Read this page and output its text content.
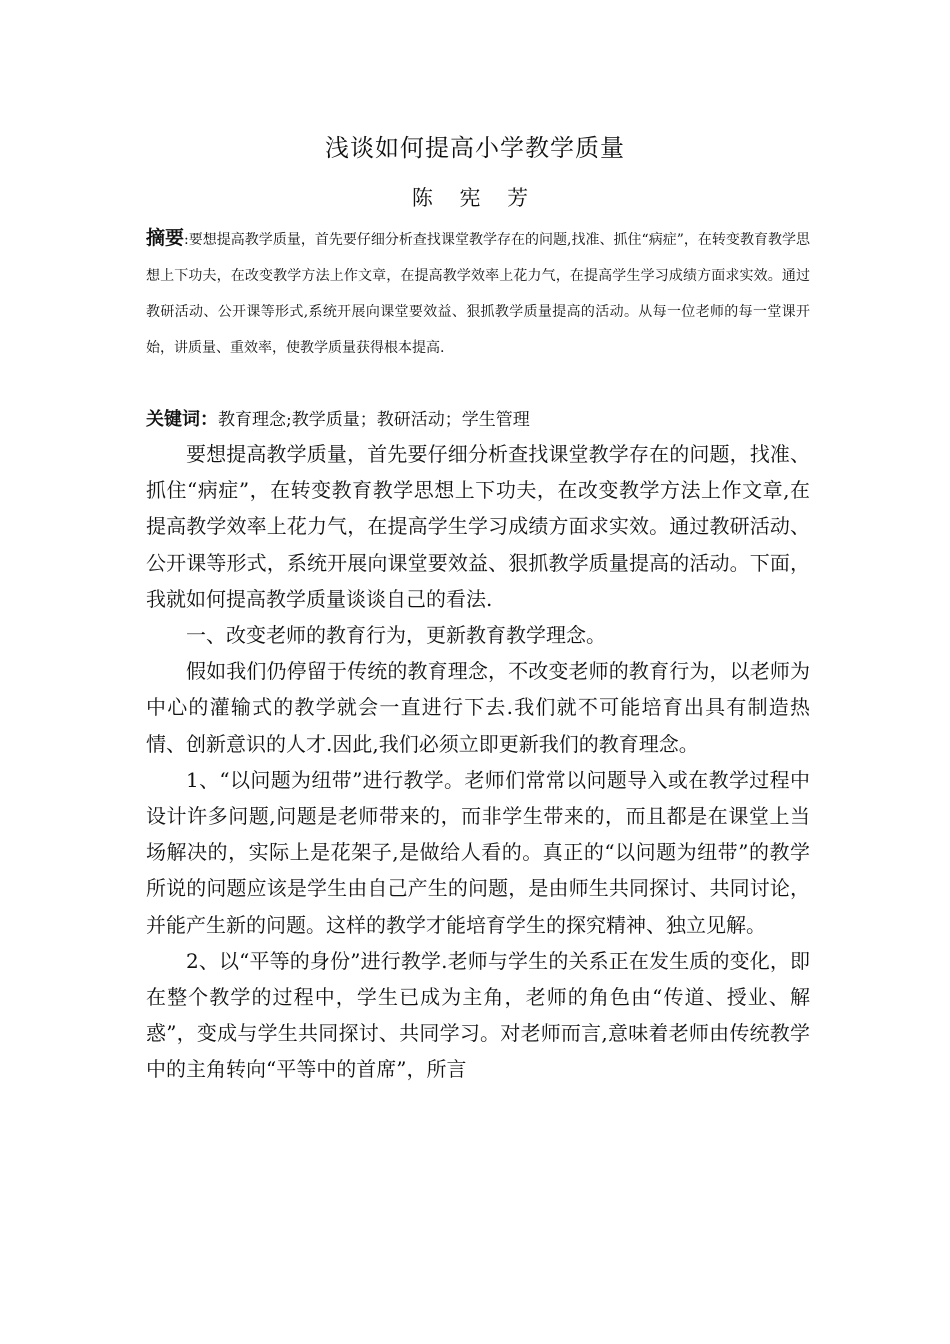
浅谈如何提高小学教学质量
陈 宪 芳
摘要:要想提高教学质量，首先要仔细分析查找课堂教学存在的问题,找准、抓住“病症”，在转变教育教学思想上下功夫，在改变教学方法上作文章，在提高教学效率上花力气，在提高学生学习成绩方面求实效。通过教研活动、公开课等形式,系统开展向课堂要效益、狠抓教学质量提高的活动。从每一位老师的每一堂课开始，讲质量、重效率，使教学质量获得根本提高.
关键词：教育理念;教学质量；教研活动；学生管理

要想提高教学质量，首先要仔细分析查找课堂教学存在的问题，找准、抓住“病症”，在转变教育教学思想上下功夫，在改变教学方法上作文章,在提高教学效率上花力气，在提高学生学习成绩方面求实效。通过教研活动、公开课等形式，系统开展向课堂要效益、狠抓教学质量提高的活动。下面，我就如何提高教学质量谈谈自己的看法.

一、改变老师的教育行为，更新教育教学理念。

假如我们仍停留于传统的教育理念，不改变老师的教育行为，以老师为中心的灌输式的教学就会一直进行下去.我们就不可能培育出具有制造热情、创新意识的人才.因此,我们必须立即更新我们的教育理念。

1、“以问题为纽带”进行教学。老师们常常以问题导入或在教学过程中设计许多问题,问题是老师带来的，而非学生带来的，而且都是在课堂上当场解决的，实际上是花架子,是做给人看的。真正的“以问题为纽带”的教学所说的问题应该是学生由自己产生的问题，是由师生共同探讨、共同讨论，并能产生新的问题。这样的教学才能培育学生的探究精神、独立见解。

2、以“平等的身份”进行教学.老师与学生的关系正在发生质的变化，即在整个教学的过程中，学生已成为主角，老师的角色由“传道、授业、解惑”，变成与学生共同探讨、共同学习。对老师而言,意味着老师由传统教学中的主角转向“平等中的首席”，所言
